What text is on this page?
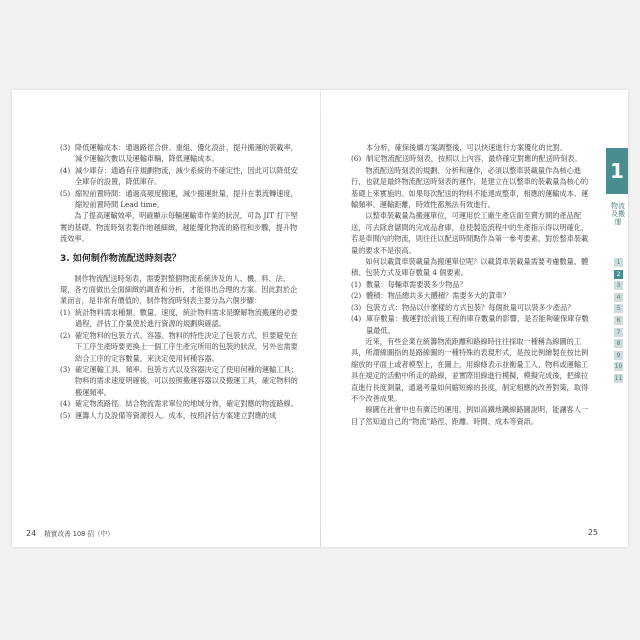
(3) 降低運輸成本：通過路徑合併、重組、優化設計，提升搬運的裝載率，減少運輸次數以及運輸車輛，降低運輸成本。
(4) 減少庫存：通過有序規劃物流，減少系統的不確定性，因此可以降低安全庫存的設置，降低庫存。
(5) 縮短前置時間：通過高頻度搬運，減少搬運批量，提升在製流轉速度，縮短前置時間 Lead time。

為了提高運輸效率，明確顯示每輛運輸車作業的狀況，可為 JIT 打下堅實的基礎。物流時刻表製作地越細緻，越能優化物流的路徑和步驟，提升物流效率。

3. 如何制作物流配送時刻表？

制作物流配送時刻表，需要對整個物流系統涉及的人、機、料、法、環，各方面做出全面細緻的調查和分析，才能得出合理的方案。因此對於企業而言，是非常有價值的，制作物流時刻表主要分為六個步驟：

(1) 統計物料需求種類、數量、速度，統計物料需求是瞭解物流搬運的必要過程，評估工作量使於進行資源的規劃與確認。
(2) 確定物料的包裝方式、容器。物料的特性決定了包裝方式，但要避免在下工序生產時要更換上一個工序生產完所用的包裝的狀況，另外也需要結合工序的定容數量，來決定使用何種容器。
(3) 確定運輸工具、頻率。包裝方式以及容器決定了使用何種的運輸工具；物料的需求速度明確後，可以按照搬運容器以及搬運工具，確定物料的搬運頻率。
(4) 確定物流路徑。結合物流需求單位的地域分佈，確定對應的物流路線。
(5) 運籌人力及設備等資源投入、成本，按照評估方案建立對應的成
24 精實改善 108 招（中）
本分析，確保後續方案調整後，可以快速進行方案優化的比對。
(6) 制定物流配送時刻表，按照以上內容，最終確定對應的配送時刻表。

物流配送時刻表的規劃、分析和運作，必須以整車裝載量作為核心進行，也就是最終物流配送時刻表的運作，是建立在以整車的裝載量為核心的基礎上來實施的。如果每次配送的物料不能達成整車，相應的運輸成本、運輸頻率、運輸距離，時效性都無法有效進行。

以整車裝載量為搬運單位，可運用於工廠生產店面至賣方間的產品配送，可去除倉儲間的完成品倉庫，並使製造流程中的生產指示得以明確化，若是車間內的物流，則往往以配送時間點作為第一參考要素，對於整車裝載量的要求不是很高。

如何以載貨車裝載量為搬運單位呢？以載貨車裝載量需要考慮數量、體積、包裝方式及庫存數量 4 個要素。

(1) 數量：每輛車需要裝多少物品？
(2) 體積：物品總共多大體積？需要多大的貨車？
(3) 包裝方式：物品以什麼樣的方式包裝？每個批量可以裝多少產品？
(4) 庫存數量：搬運對於前後工程的庫存數量的影響，是否能夠確保庫存數量最低。

近來，有些企業在統籌物流距離和路線時往往採取一種稱為線圖的工具，所謂線圖指的是路線圖的一種特殊的表現形式，是按比例繪製在按比例縮放的平面上或者模型上，在圖上，用線條表示並衡量工人、物料或運輸工具在規定的活動中所走的路線，並實際用線進行模擬，模擬完成後，把線拉直進行長度測量，通過考量如何縮短線的長度，制定相應的改善對策，取得不少改善成果。

線圖在社會中也有廣泛的運用，例如高鐵地鐵線路圖說明，能讓客人一目了然知道自己的“物流”路徑、距離、時間、成本等資訊。

1
物流及搬運
1
2
3
4
5
6
7
8
9
10
11
25
